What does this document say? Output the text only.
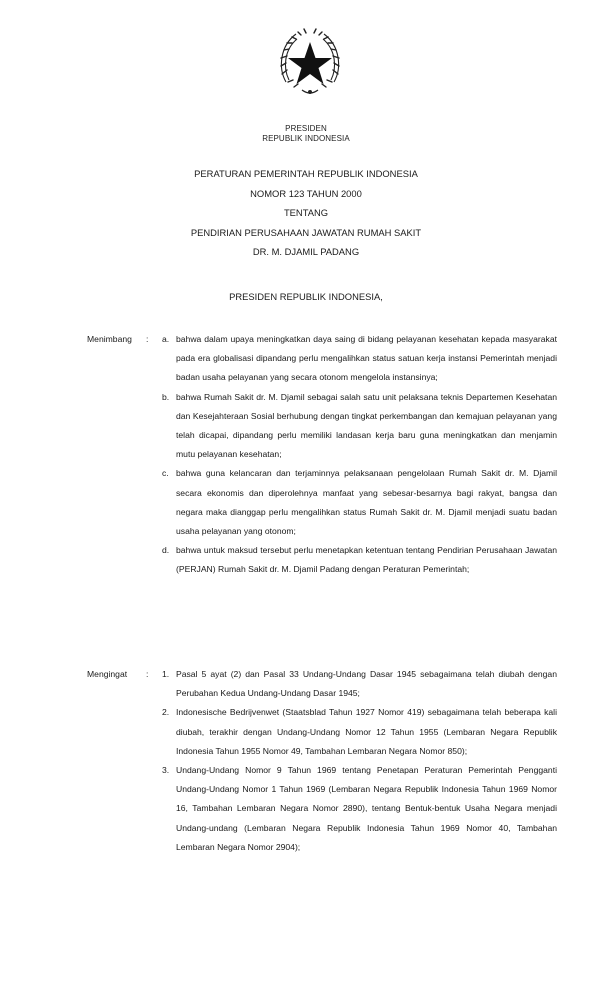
PRESIDEN
REPUBLIK INDONESIA
PERATURAN PEMERINTAH REPUBLIK INDONESIA
NOMOR 123 TAHUN 2000
TENTANG
PENDIRIAN PERUSAHAAN JAWATAN RUMAH SAKIT
DR. M. DJAMIL PADANG
PRESIDEN REPUBLIK INDONESIA,
Menimbang : a. bahwa dalam upaya meningkatkan daya saing di bidang pelayanan kesehatan kepada masyarakat pada era globalisasi dipandang perlu mengalihkan status satuan kerja instansi Pemerintah menjadi badan usaha pelayanan yang secara otonom mengelola instansinya;

b. bahwa Rumah Sakit dr. M. Djamil sebagai salah satu unit pelaksana teknis Departemen Kesehatan dan Kesejahteraan Sosial berhubung dengan tingkat perkembangan dan kemajuan pelayanan yang telah dicapai, dipandang perlu memiliki landasan kerja baru guna meningkatkan dan menjamin mutu pelayanan kesehatan;

c. bahwa guna kelancaran dan terjaminnya pelaksanaan pengelolaan Rumah Sakit dr. M. Djamil secara ekonomis dan diperolehnya manfaat yang sebesar-besarnya bagi rakyat, bangsa dan negara maka dianggap perlu mengalihkan status Rumah Sakit dr. M. Djamil menjadi suatu badan usaha pelayanan yang otonom;

d. bahwa untuk maksud tersebut perlu menetapkan ketentuan tentang Pendirian Perusahaan Jawatan (PERJAN) Rumah Sakit dr. M. Djamil Padang dengan Peraturan Pemerintah;

Mengingat : 1. Pasal 5 ayat (2) dan Pasal 33 Undang-Undang Dasar 1945 sebagaimana telah diubah dengan Perubahan Kedua Undang-Undang Dasar 1945;

2. Indonesische Bedrijvenwet (Staatsblad Tahun 1927 Nomor 419) sebagaimana telah beberapa kali diubah, terakhir dengan Undang-Undang Nomor 12 Tahun 1955 (Lembaran Negara Republik Indonesia Tahun 1955 Nomor 49, Tambahan Lembaran Negara Nomor 850);

3. Undang-Undang Nomor 9 Tahun 1969 tentang Penetapan Peraturan Pemerintah Pengganti Undang-Undang Nomor 1 Tahun 1969 (Lembaran Negara Republik Indonesia Tahun 1969 Nomor 16, Tambahan Lembaran Negara Nomor 2890), tentang Bentuk-bentuk Usaha Negara menjadi Undang-undang (Lembaran Negara Republik Indonesia Tahun 1969 Nomor 40, Tambahan Lembaran Negara Nomor 2904);
